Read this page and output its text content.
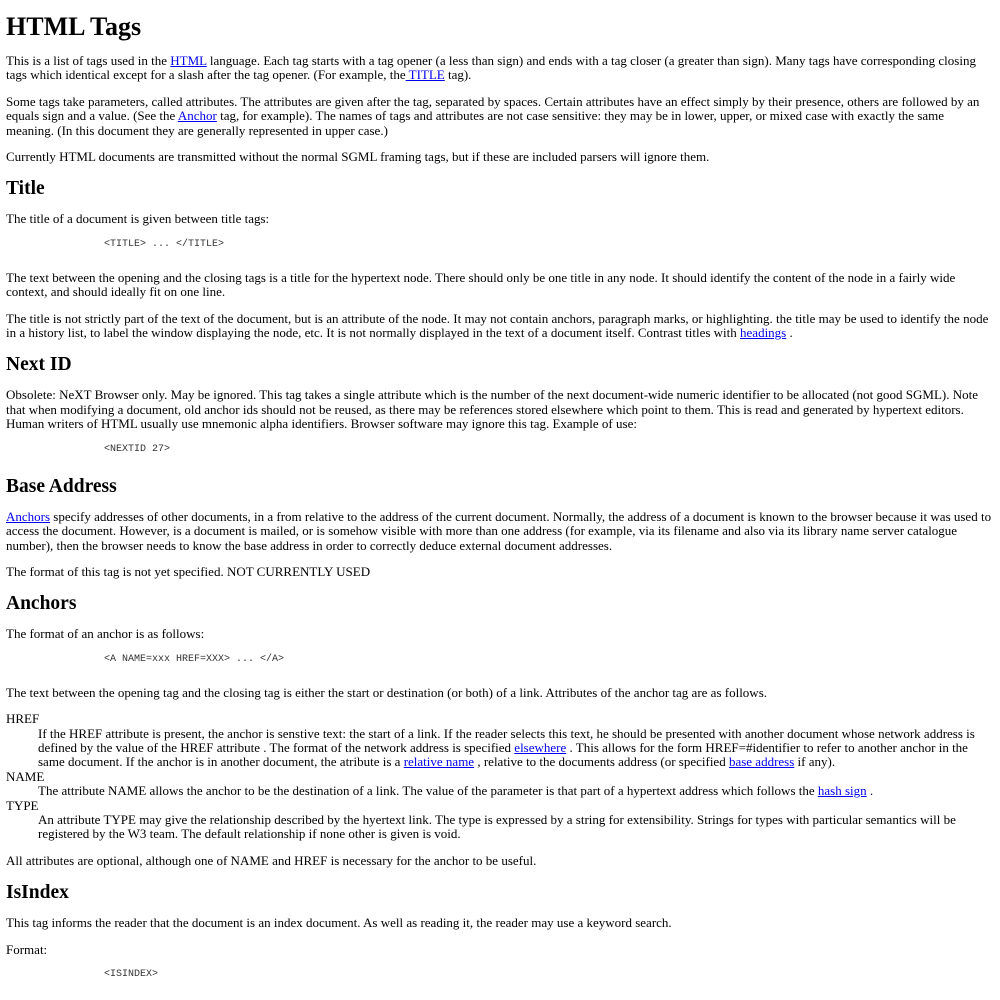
HTML Tags

This is a list of tags used in the HTML language. Each tag starts with a tag opener (a less than sign) and ends with a tag closer (a greater than sign). Many tags have corresponding closing tags which identical except for a slash after the tag opener. (For example, the TITLE tag).

Some tags take parameters, called attributes. The attributes are given after the tag, separated by spaces. Certain attributes have an effect simply by their presence, others are followed by an equals sign and a value. (See the Anchor tag, for example). The names of tags and attributes are not case sensitive: they may be in lower, upper, or mixed case with exactly the same meaning. (In this document they are generally represented in upper case.)

Currently HTML documents are transmitted without the normal SGML framing tags, but if these are included parsers will ignore them.

Title

The title of a document is given between title tags:

<TITLE> ... </TITLE>

The text between the opening and the closing tags is a title for the hypertext node. There should only be one title in any node. It should identify the content of the node in a fairly wide context, and should ideally fit on one line.

The title is not strictly part of the text of the document, but is an attribute of the node. It may not contain anchors, paragraph marks, or highlighting. the title may be used to identify the node in a history list, to label the window displaying the node, etc. It is not normally displayed in the text of a document itself. Contrast titles with headings .

Next ID

Obsolete: NeXT Browser only. May be ignored. This tag takes a single attribute which is the number of the next document-wide numeric identifier to be allocated (not good SGML). Note that when modifying a document, old anchor ids should not be reused, as there may be references stored elsewhere which point to them. This is read and generated by hypertext editors. Human writers of HTML usually use mnemonic alpha identifiers. Browser software may ignore this tag. Example of use:

<NEXTID 27>
Base Address

Anchors specify addresses of other documents, in a from relative to the address of the current document. Normally, the address of a document is known to the browser because it was used to access the document. However, is a document is mailed, or is somehow visible with more than one address (for example, via its filename and also via its library name server catalogue number), then the browser needs to know the base address in order to correctly deduce external document addresses.

The format of this tag is not yet specified. NOT CURRENTLY USED

Anchors

The format of an anchor is as follows:

<A NAME=xxx HREF=XXX> ... </A>

The text between the opening tag and the closing tag is either the start or destination (or both) of a link. Attributes of the anchor tag are as follows.

HREF
If the HREF attribute is present, the anchor is senstive text: the start of a link. If the reader selects this text, he should be presented with another document whose network address is defined by the value of the HREF attribute . The format of the network address is specified elsewhere . This allows for the form HREF=#identifier to refer to another anchor in the same document. If the anchor is in another document, the atribute is a relative name , relative to the documents address (or specified base address if any).
NAME
The attribute NAME allows the anchor to be the destination of a link. The value of the parameter is that part of a hypertext address which follows the hash sign .
TYPE
An attribute TYPE may give the relationship described by the hyertext link. The type is expressed by a string for extensibility. Strings for types with particular semantics will be registered by the W3 team. The default relationship if none other is given is void.

All attributes are optional, although one of NAME and HREF is necessary for the anchor to be useful.

IsIndex

This tag informs the reader that the document is an index document. As well as reading it, the reader may use a keyword search.

Format:

<ISINDEX>
